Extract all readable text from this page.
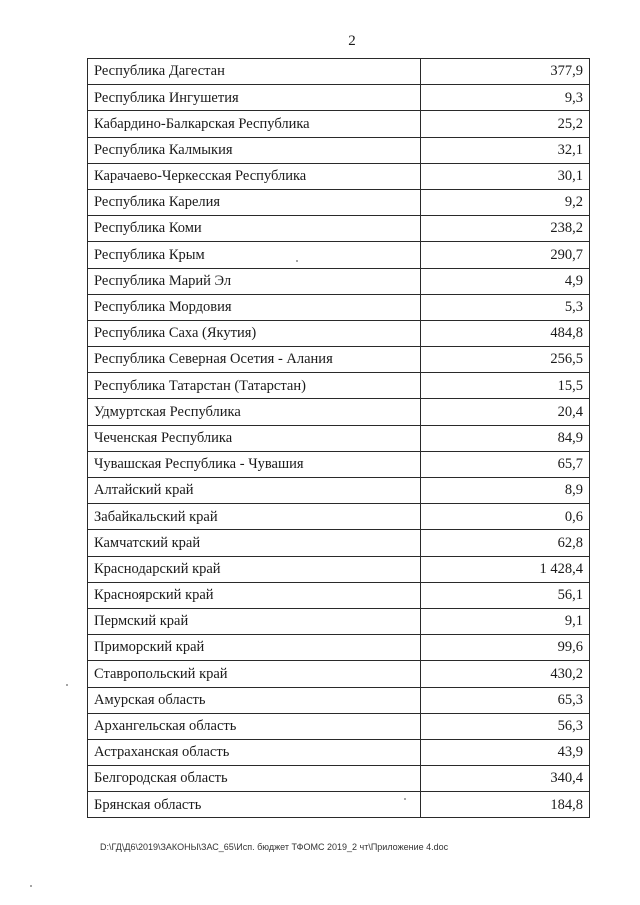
2
Республика Дагестан	377,9
Республика Ингушетия	9,3
Кабардино-Балкарская Республика	25,2
Республика Калмыкия	32,1
Карачаево-Черкесская Республика	30,1
Республика Карелия	9,2
Республика Коми	238,2
Республика Крым	290,7
Республика Марий Эл	4,9
Республика Мордовия	5,3
Республика Саха (Якутия)	484,8
Республика Северная Осетия - Алания	256,5
Республика Татарстан (Татарстан)	15,5
Удмуртская Республика	20,4
Чеченская Республика	84,9
Чувашская Республика - Чувашия	65,7
Алтайский край	8,9
Забайкальский край	0,6
Камчатский край	62,8
Краснодарский край	1 428,4
Красноярский край	56,1
Пермский край	9,1
Приморский край	99,6
Ставропольский край	430,2
Амурская область	65,3
Архангельская область	56,3
Астраханская область	43,9
Белгородская область	340,4
Брянская область	184,8
D:\ГД\Д6\2019\ЗАКОНЫ\ЗАС_65\Исп. бюджет ТФОМС 2019_2 чт\Приложение 4.doc
